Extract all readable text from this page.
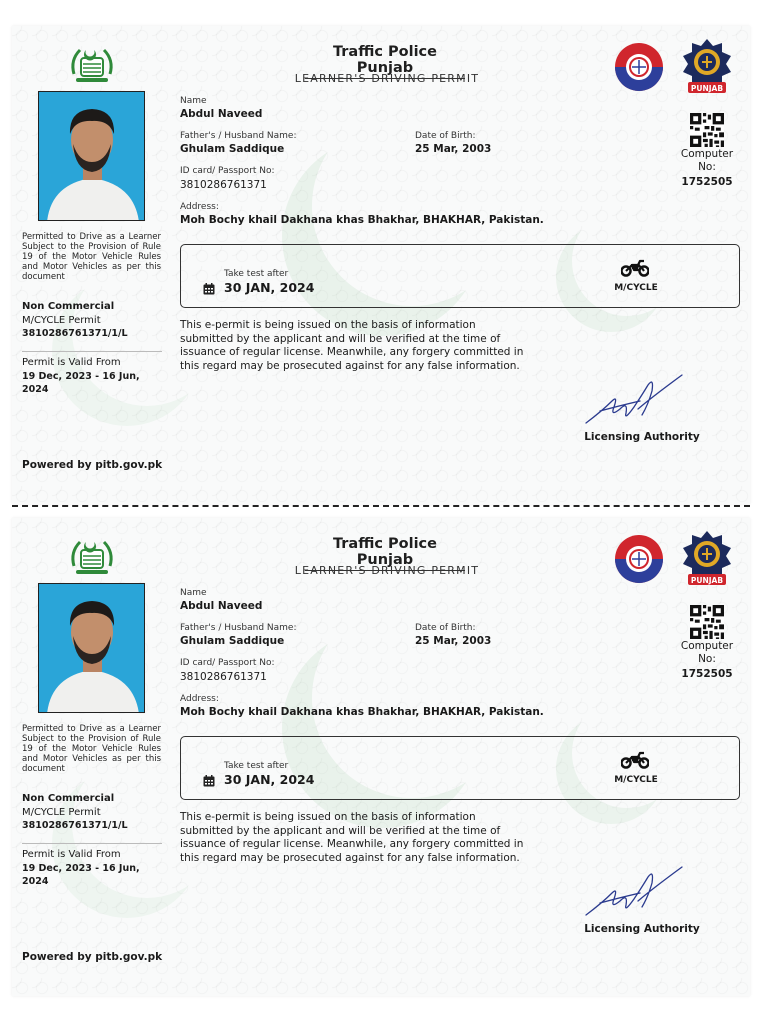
Traffic Police Punjab
LEARNER'S DRIVING PERMIT
PUNJAB
Name
Abdul Naveed
Father's / Husband Name:
Ghulam Saddique
Date of Birth:
25 Mar, 2003
ID card/ Passport No:
3810286761371
Address:
Moh Bochy khail Dakhana khas Bhakhar, BHAKHAR, Pakistan.
Computer No:
1752505
Take test after
30 JAN, 2024	M/CYCLE
Permitted to Drive as a Learner Subject to the Provision of Rule 19 of the Motor Vehicle Rules and Motor Vehicles as per this document
Non Commercial
M/CYCLE Permit
3810286761371/1/L
Permit is Valid From
19 Dec, 2023 - 16 Jun, 2024
This e-permit is being issued on the basis of information submitted by the applicant and will be verified at the time of issuance of regular license. Meanwhile, any forgery committed in this regard may be prosecuted against for any false information.
Licensing Authority
Powered by pitb.gov.pk
Traffic Police Punjab
LEARNER'S DRIVING PERMIT
PUNJAB
Name
Abdul Naveed
Father's / Husband Name:
Ghulam Saddique
Date of Birth:
25 Mar, 2003
ID card/ Passport No:
3810286761371
Address:
Moh Bochy khail Dakhana khas Bhakhar, BHAKHAR, Pakistan.
Computer No:
1752505
Take test after
30 JAN, 2024	M/CYCLE
Permitted to Drive as a Learner Subject to the Provision of Rule 19 of the Motor Vehicle Rules and Motor Vehicles as per this document
Non Commercial
M/CYCLE Permit
3810286761371/1/L
Permit is Valid From
19 Dec, 2023 - 16 Jun, 2024
This e-permit is being issued on the basis of information submitted by the applicant and will be verified at the time of issuance of regular license. Meanwhile, any forgery committed in this regard may be prosecuted against for any false information.
Licensing Authority
Powered by pitb.gov.pk
